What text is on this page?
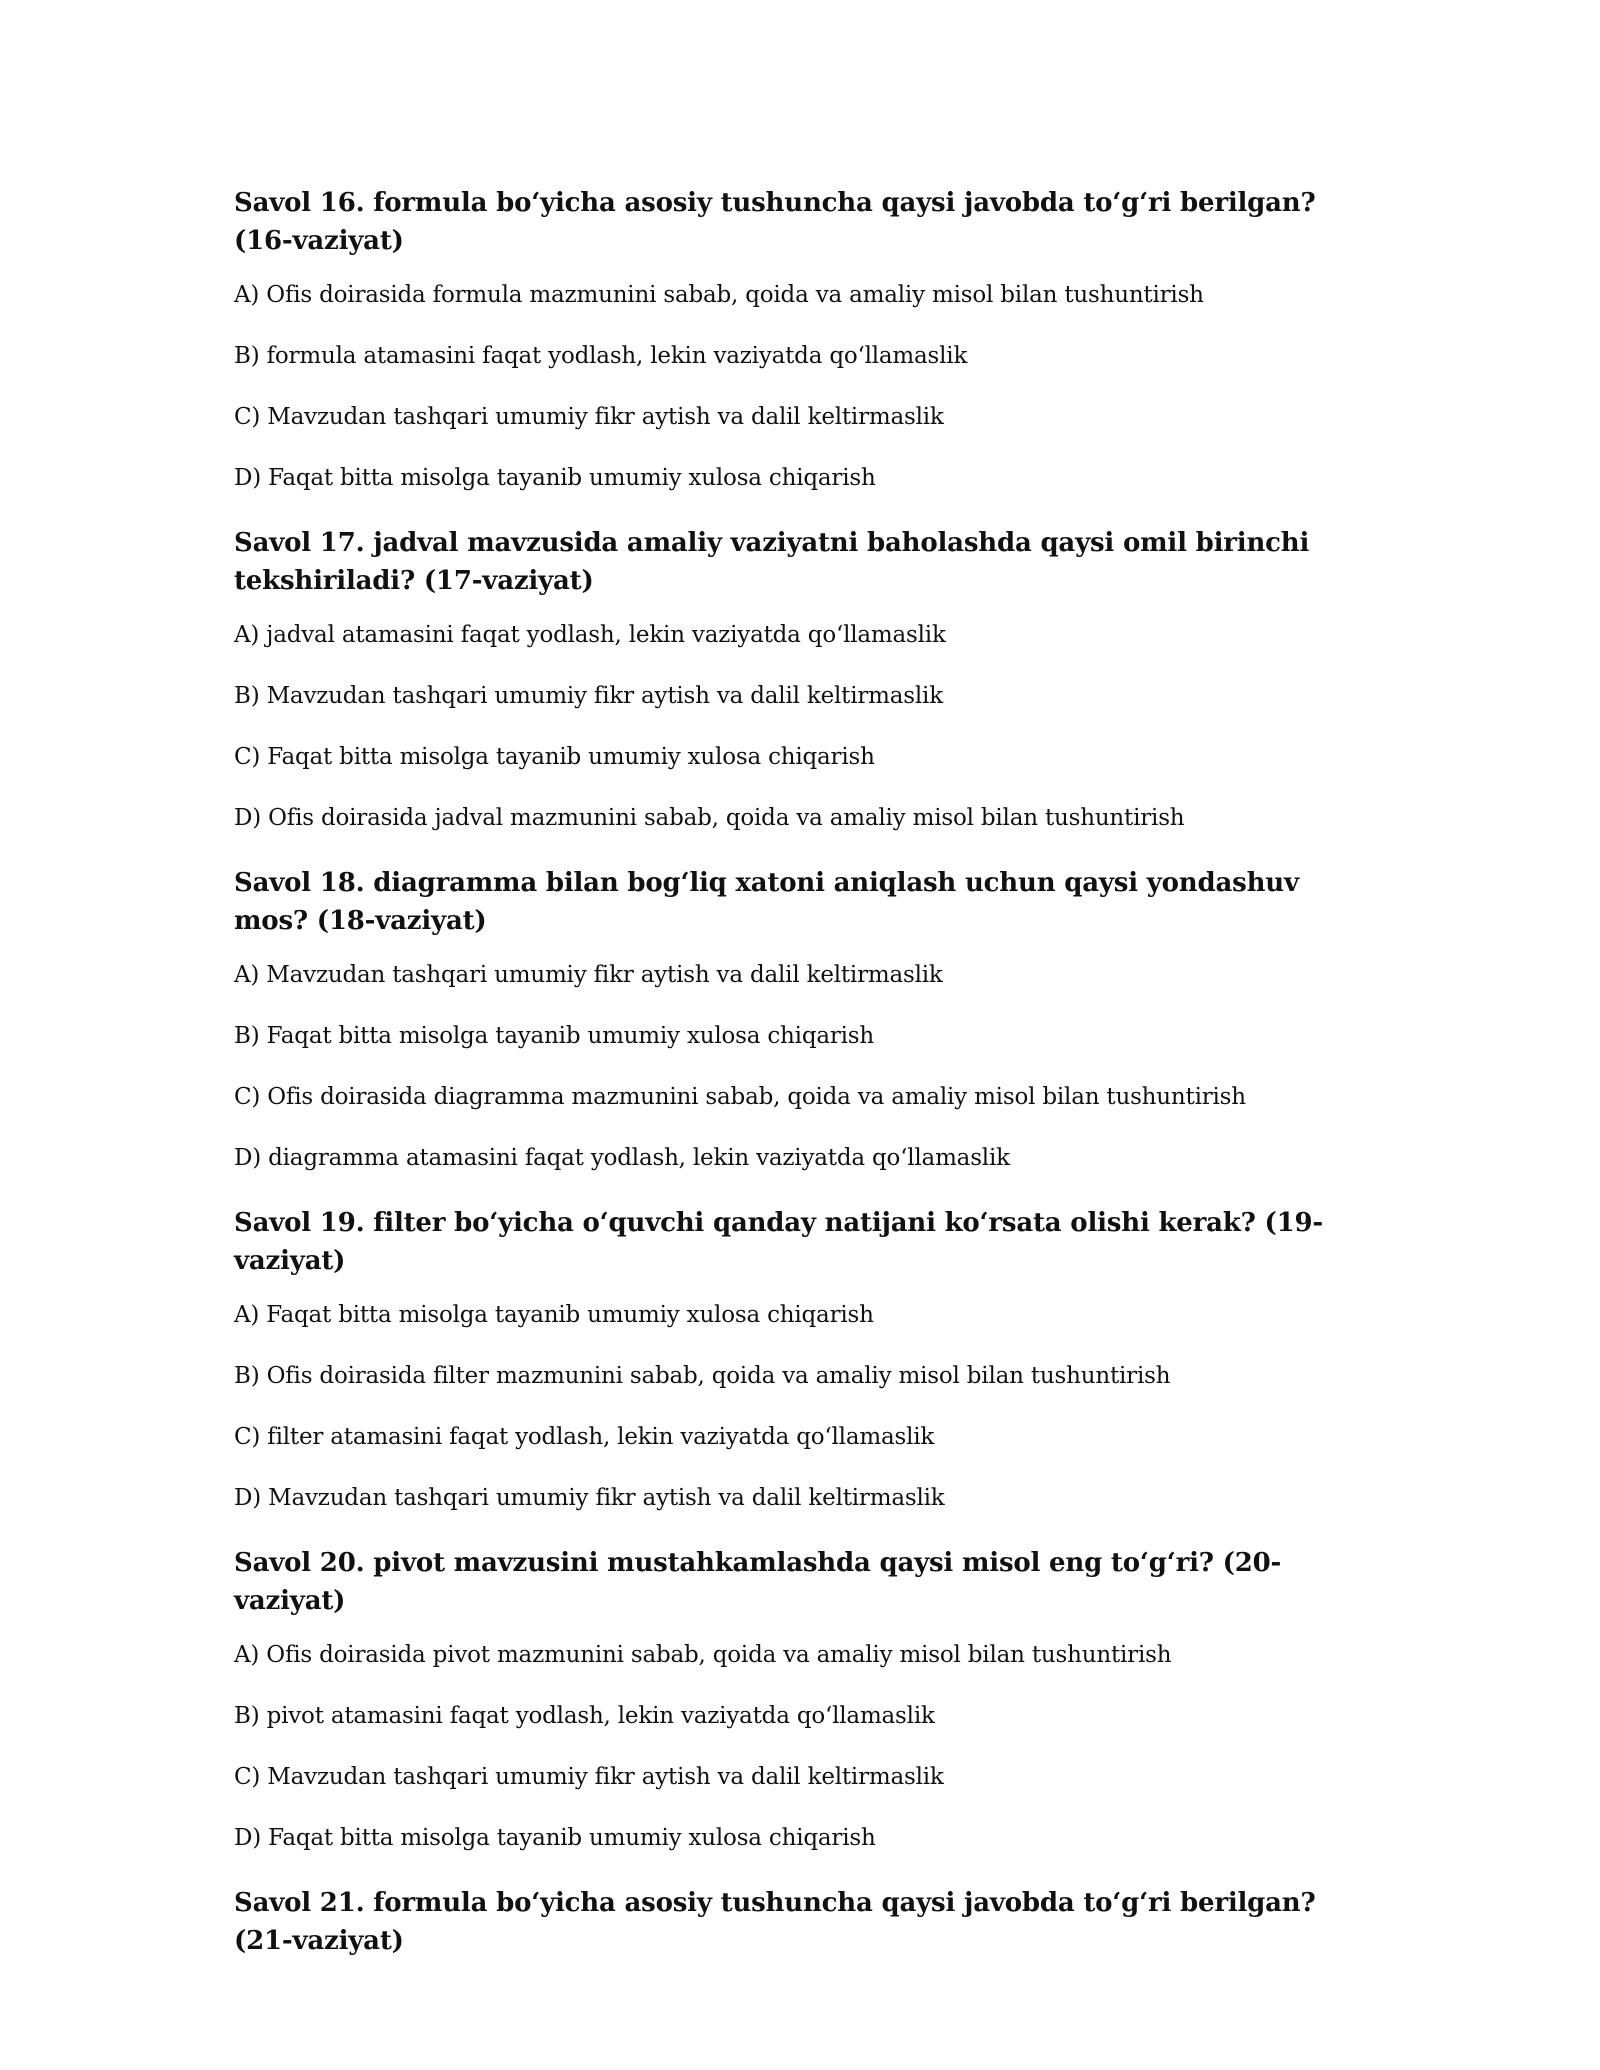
Savol 16. formula bo‘yicha asosiy tushuncha qaysi javobda to‘g‘ri berilgan? (16-vaziyat)

A) Ofis doirasida formula mazmunini sabab, qoida va amaliy misol bilan tushuntirish

B) formula atamasini faqat yodlash, lekin vaziyatda qo‘llamaslik

C) Mavzudan tashqari umumiy fikr aytish va dalil keltirmaslik

D) Faqat bitta misolga tayanib umumiy xulosa chiqarish

Savol 17. jadval mavzusida amaliy vaziyatni baholashda qaysi omil birinchi tekshiriladi? (17-vaziyat)

A) jadval atamasini faqat yodlash, lekin vaziyatda qo‘llamaslik

B) Mavzudan tashqari umumiy fikr aytish va dalil keltirmaslik

C) Faqat bitta misolga tayanib umumiy xulosa chiqarish

D) Ofis doirasida jadval mazmunini sabab, qoida va amaliy misol bilan tushuntirish

Savol 18. diagramma bilan bog‘liq xatoni aniqlash uchun qaysi yondashuv mos? (18-vaziyat)

A) Mavzudan tashqari umumiy fikr aytish va dalil keltirmaslik

B) Faqat bitta misolga tayanib umumiy xulosa chiqarish

C) Ofis doirasida diagramma mazmunini sabab, qoida va amaliy misol bilan tushuntirish

D) diagramma atamasini faqat yodlash, lekin vaziyatda qo‘llamaslik

Savol 19. filter bo‘yicha o‘quvchi qanday natijani ko‘rsata olishi kerak? (19-vaziyat)

A) Faqat bitta misolga tayanib umumiy xulosa chiqarish

B) Ofis doirasida filter mazmunini sabab, qoida va amaliy misol bilan tushuntirish

C) filter atamasini faqat yodlash, lekin vaziyatda qo‘llamaslik

D) Mavzudan tashqari umumiy fikr aytish va dalil keltirmaslik

Savol 20. pivot mavzusini mustahkamlashda qaysi misol eng to‘g‘ri? (20-vaziyat)

A) Ofis doirasida pivot mazmunini sabab, qoida va amaliy misol bilan tushuntirish

B) pivot atamasini faqat yodlash, lekin vaziyatda qo‘llamaslik

C) Mavzudan tashqari umumiy fikr aytish va dalil keltirmaslik

D) Faqat bitta misolga tayanib umumiy xulosa chiqarish

Savol 21. formula bo‘yicha asosiy tushuncha qaysi javobda to‘g‘ri berilgan? (21-vaziyat)
